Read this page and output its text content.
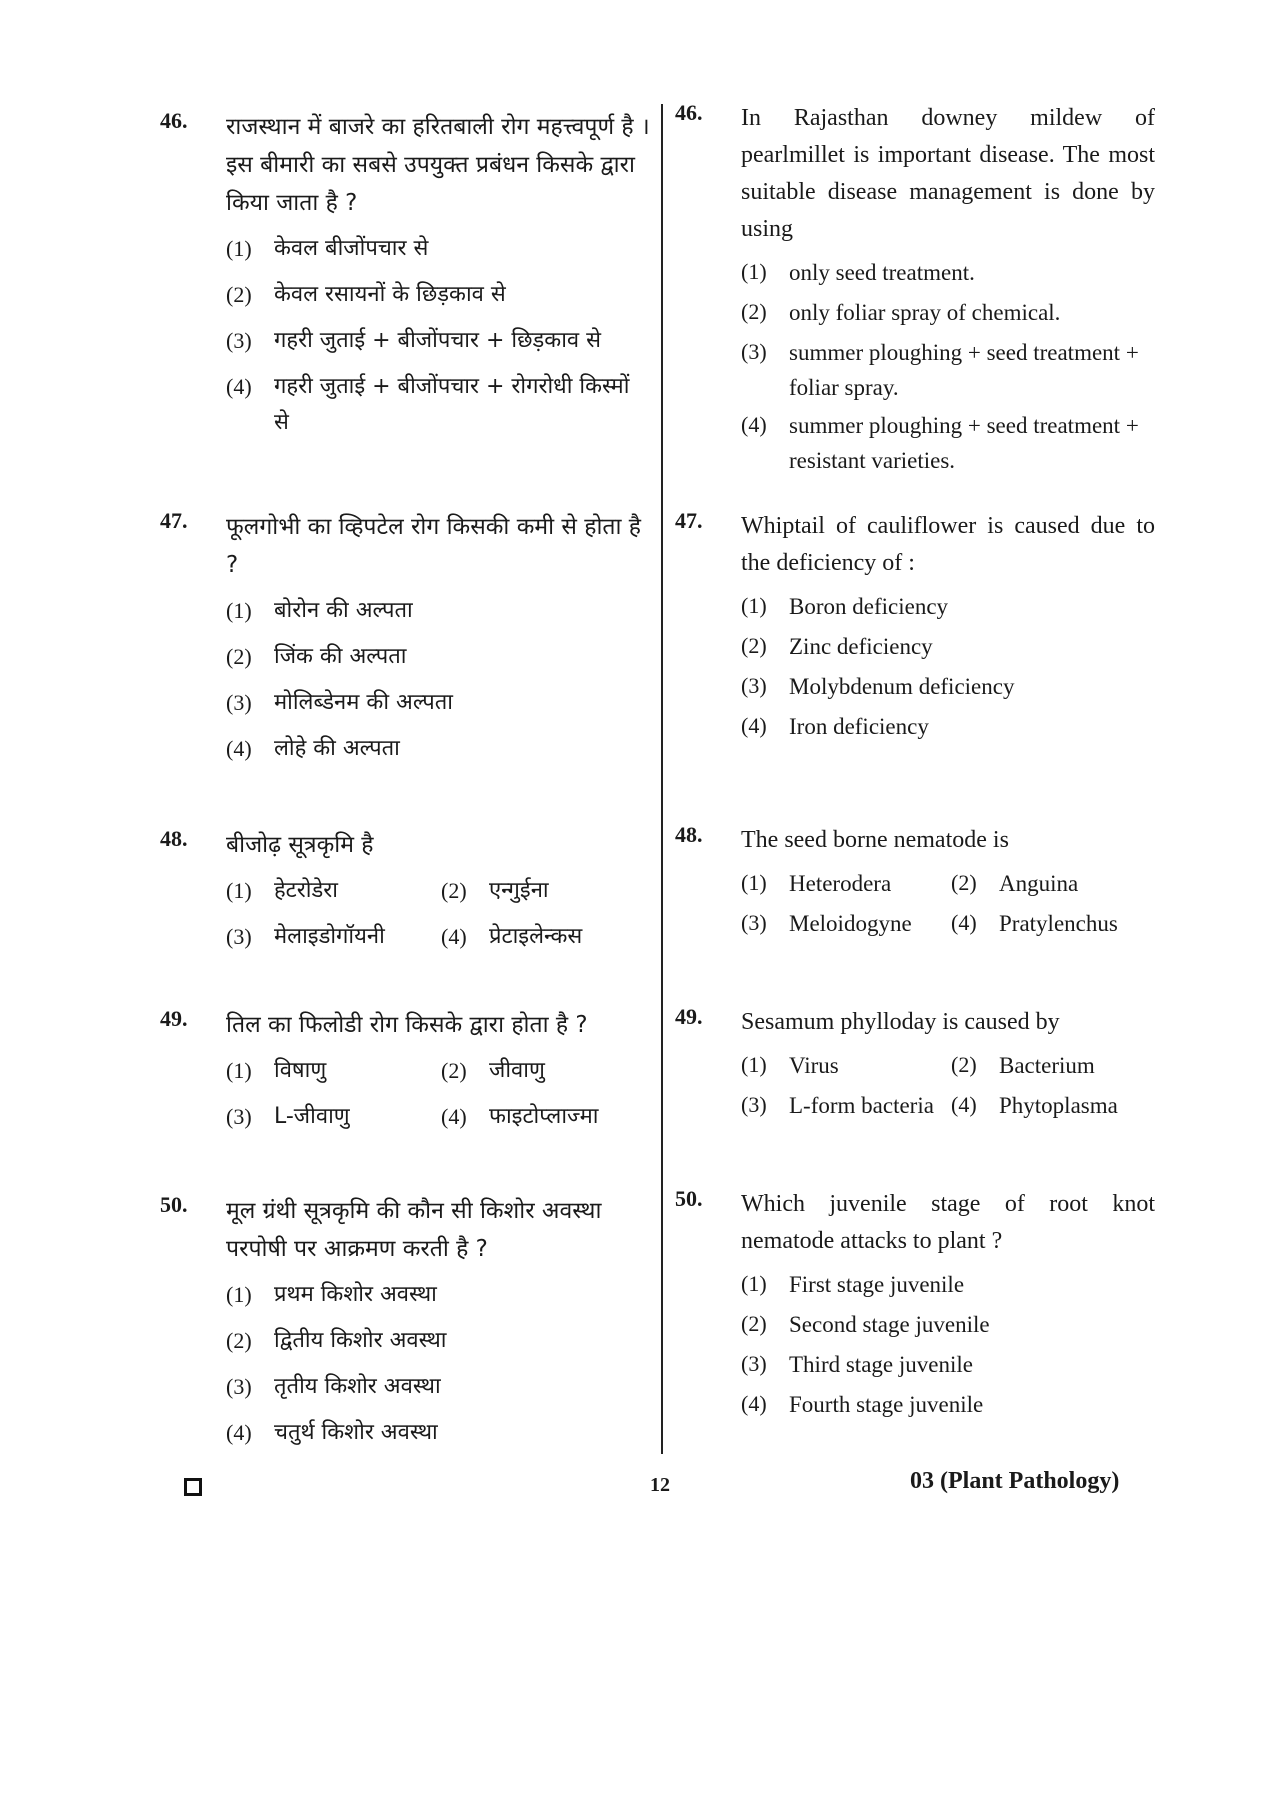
46. राजस्थान में बाजरे का हरितबाली रोग महत्त्वपूर्ण है । इस बीमारी का सबसे उपयुक्त प्रबंधन किसके द्वारा किया जाता है ?
(1)	केवल बीजोंपचार से
(2)	केवल रसायनों के छिड़काव से
(3)	गहरी जुताई + बीजोंपचार + छिड़काव से
(4)	गहरी जुताई + बीजोंपचार + रोगरोधी किस्मों से
47. फूलगोभी का व्हिपटेल रोग किसकी कमी से होता है ?
(1)	बोरोन की अल्पता
(2)	जिंक की अल्पता
(3)	मोलिब्डेनम की अल्पता
(4)	लोहे की अल्पता
48. बीजोढ़ सूत्रकृमि है
(1)	हेटरोडेरा	(2)	एन्गुईना
(3)	मेलाइडोगॉयनी	(4)	प्रेटाइलेन्कस
49. तिल का फिलोडी रोग किसके द्वारा होता है ?
(1)	विषाणु	(2)	जीवाणु
(3)	L-जीवाणु	(4)	फाइटोप्लाज्मा
50. मूल ग्रंथी सूत्रकृमि की कौन सी किशोर अवस्था परपोषी पर आक्रमण करती है ?
(1)	प्रथम किशोर अवस्था
(2)	द्वितीय किशोर अवस्था
(3)	तृतीय किशोर अवस्था
(4)	चतुर्थ किशोर अवस्था
46. In Rajasthan downey mildew of pearlmillet is important disease. The most suitable disease management is done by using
(1) only seed treatment.
(2) only foliar spray of chemical.
(3) summer ploughing + seed treatment + foliar spray.
(4) summer ploughing + seed treatment + resistant varieties.
47. Whiptail of cauliflower is caused due to the deficiency of :
(1) Boron deficiency
(2) Zinc deficiency
(3) Molybdenum deficiency
(4) Iron deficiency
48. The seed borne nematode is
(1) Heterodera	(2) Anguina
(3) Meloidogyne	(4) Pratylenchus
49. Sesamum phylloday is caused by
(1) Virus	(2) Bacterium
(3) L-form bacteria (4) Phytoplasma
50. Which juvenile stage of root knot nematode attacks to plant ?
(1) First stage juvenile
(2) Second stage juvenile
(3) Third stage juvenile
(4) Fourth stage juvenile
12	03 (Plant Pathology)
